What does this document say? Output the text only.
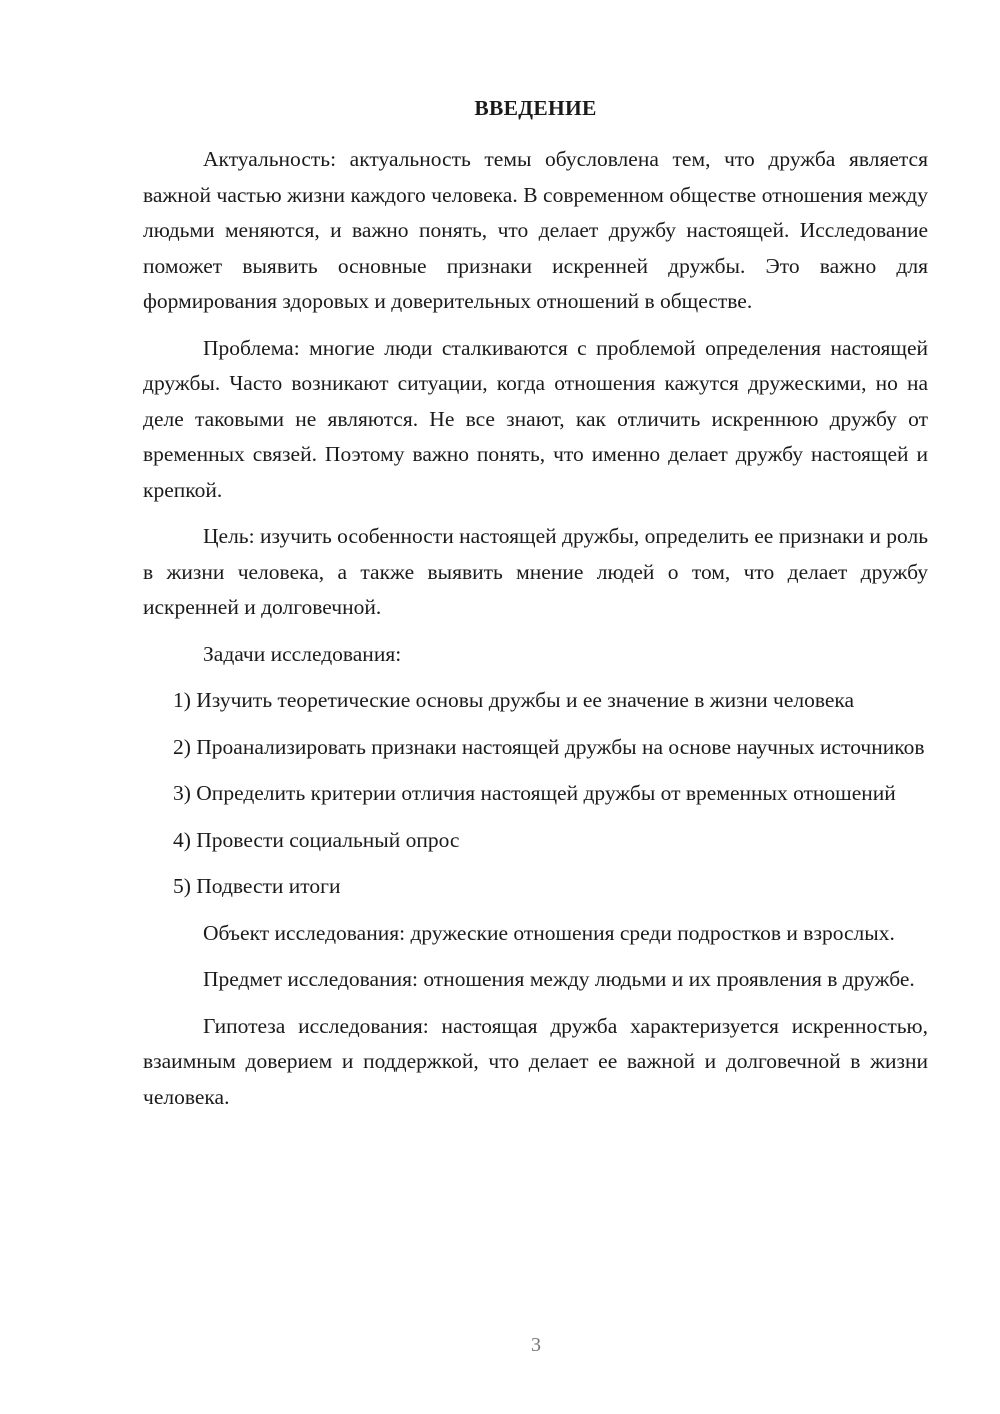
ВВЕДЕНИЕ

Актуальность: актуальность темы обусловлена тем, что дружба является важной частью жизни каждого человека. В современном обществе отношения между людьми меняются, и важно понять, что делает дружбу настоящей. Исследование поможет выявить основные признаки искренней дружбы. Это важно для формирования здоровых и доверительных отношений в обществе.

Проблема: многие люди сталкиваются с проблемой определения настоящей дружбы. Часто возникают ситуации, когда отношения кажутся дружескими, но на деле таковыми не являются. Не все знают, как отличить искреннюю дружбу от временных связей. Поэтому важно понять, что именно делает дружбу настоящей и крепкой.

Цель: изучить особенности настоящей дружбы, определить ее признаки и роль в жизни человека, а также выявить мнение людей о том, что делает дружбу искренней и долговечной.

Задачи исследования:

1) Изучить теоретические основы дружбы и ее значение в жизни человека

2) Проанализировать признаки настоящей дружбы на основе научных источников

3) Определить критерии отличия настоящей дружбы от временных отношений

4) Провести социальный опрос

5) Подвести итоги

Объект исследования: дружеские отношения среди подростков и взрослых.

Предмет исследования: отношения между людьми и их проявления в дружбе.

Гипотеза исследования: настоящая дружба характеризуется искренностью, взаимным доверием и поддержкой, что делает ее важной и долговечной в жизни человека.

3
